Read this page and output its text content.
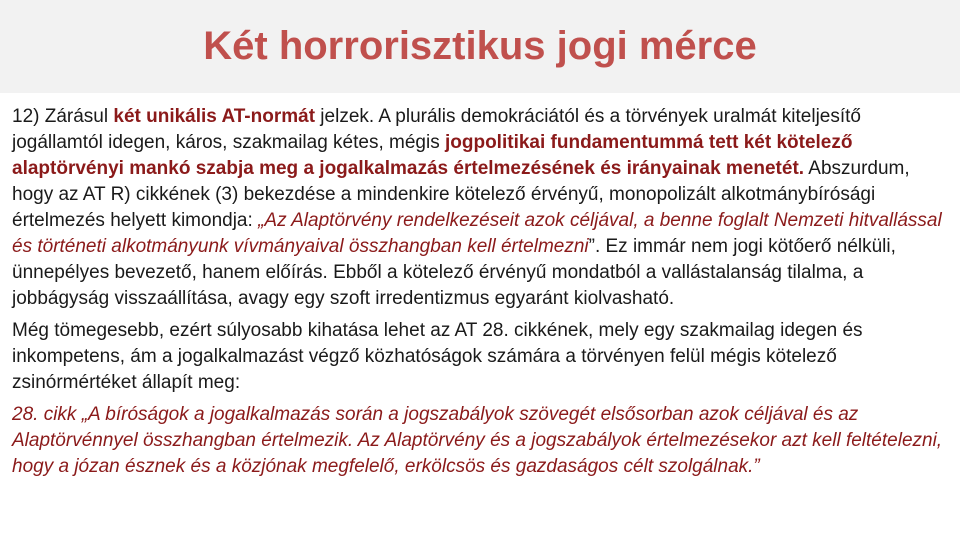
Két horrorisztikus jogi mérce

12) Zárásul két unikális AT-normát jelzek. A plurális demokráciától és a törvények uralmát kiteljesítő jogállamtól idegen, káros, szakmailag kétes, mégis jogpolitikai fundamentummá tett két kötelező alaptörvényi mankó szabja meg a jogalkalmazás értelmezésének és irányainak menetét. Abszurdum, hogy az AT R) cikkének (3) bekezdése a mindenkire kötelező érvényű, monopolizált alkotmánybírósági értelmezés helyett kimondja: „Az Alaptörvény rendelkezéseit azok céljával, a benne foglalt Nemzeti hitvallással és történeti alkotmányunk vívmányaival összhangban kell értelmezni”. Ez immár nem jogi kötőerő nélküli, ünnepélyes bevezető, hanem előírás. Ebből a kötelező érvényű mondatból a vallástalanság tilalma, a jobbágyság visszaállítása, avagy egy szoft irredentizmus egyaránt kiolvasható.

Még tömegesebb, ezért súlyosabb kihatása lehet az AT 28. cikkének, mely egy szakmailag idegen és inkompetens, ám a jogalkalmazást végző közhatóságok számára a törvényen felül mégis kötelező zsinórmértéket állapít meg:

28. cikk „A bíróságok a jogalkalmazás során a jogszabályok szövegét elsősorban azok céljával és az Alaptörvénnyel összhangban értelmezik. Az Alaptörvény és a jogszabályok értelmezésekor azt kell feltételezni, hogy a józan észnek és a közjónak megfelelő, erkölcsös és gazdaságos célt szolgálnak.”
